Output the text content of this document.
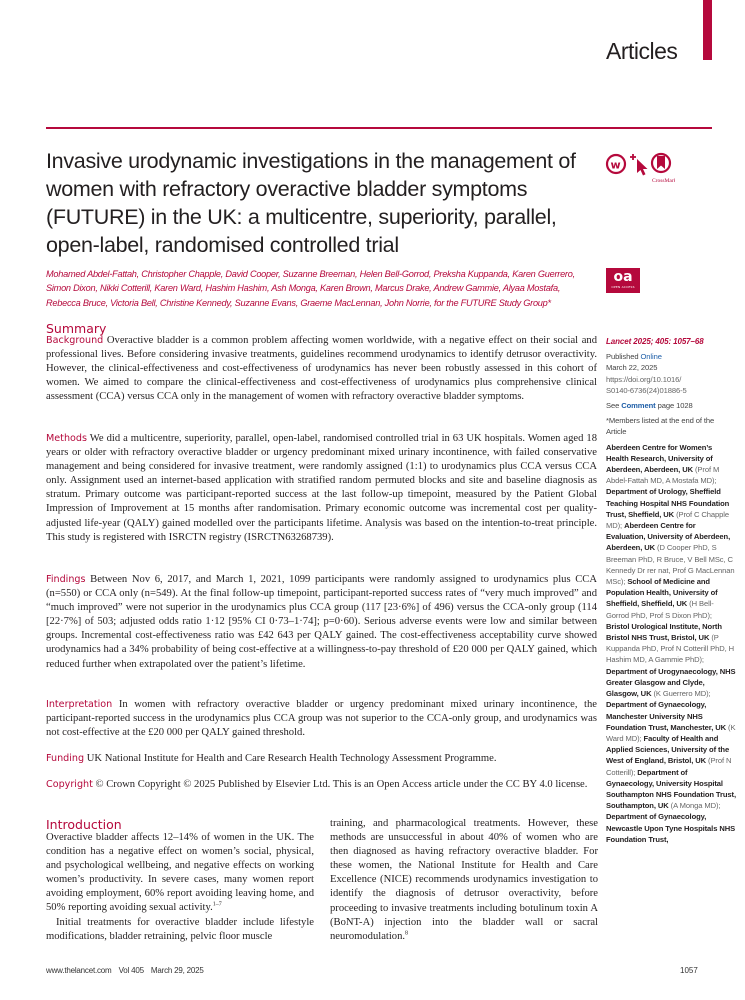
Articles
Invasive urodynamic investigations in the management of women with refractory overactive bladder symptoms (FUTURE) in the UK: a multicentre, superiority, parallel, open-label, randomised controlled trial
w
CrossMark
oa
OPEN ACCESS
Mohamed Abdel-Fattah, Christopher Chapple, David Cooper, Suzanne Breeman, Helen Bell-Gorrod, Preksha Kuppanda, Karen Guerrero, Simon Dixon, Nikki Cotterill, Karen Ward, Hashim Hashim, Ash Monga, Karen Brown, Marcus Drake, Andrew Gammie, Alyaa Mostafa, Rebecca Bruce, Victoria Bell, Christine Kennedy, Suzanne Evans, Graeme MacLennan, John Norrie, for the FUTURE Study Group*
Summary
Background Overactive bladder is a common problem affecting women worldwide, with a negative effect on their social and professional lives. Before considering invasive treatments, guidelines recommend urodynamics to identify detrusor overactivity. However, the clinical-effectiveness and cost-effectiveness of urodynamics has never been robustly assessed in this cohort of women. We aimed to compare the clinical-effectiveness and cost-effectiveness of urodynamics plus comprehensive clinical assessment (CCA) versus CCA only in the management of women with refractory overactive bladder symptoms.
Methods We did a multicentre, superiority, parallel, open-label, randomised controlled trial in 63 UK hospitals. Women aged 18 years or older with refractory overactive bladder or urgency predominant mixed urinary incontinence, with failed conservative management and being considered for invasive treatment, were randomly assigned (1:1) to urodynamics plus CCA versus CCA only. Assignment used an internet-based application with stratified random permuted blocks and site and baseline diagnosis as stratum. Primary outcome was participant-reported success at the last follow-up timepoint, measured by the Patient Global Impression of Improvement at 15 months after randomisation. Primary economic outcome was incremental cost per quality-adjusted life-year (QALY) gained modelled over the participants lifetime. Analysis was based on the intention-to-treat principle. This study is registered with ISRCTN registry (ISRCTN63268739).
Findings Between Nov 6, 2017, and March 1, 2021, 1099 participants were randomly assigned to urodynamics plus CCA (n=550) or CCA only (n=549). At the final follow-up timepoint, participant-reported success rates of “very much improved” and “much improved” were not superior in the urodynamics plus CCA group (117 [23·6%] of 496) versus the CCA-only group (114 [22·7%] of 503; adjusted odds ratio 1·12 [95% CI 0·73–1·74]; p=0·60). Serious adverse events were low and similar between groups. Incremental cost-effectiveness ratio was £42 643 per QALY gained. The cost-effectiveness acceptability curve showed urodynamics had a 34% probability of being cost-effective at a willingness-to-pay threshold of £20 000 per QALY gained, which reduced further when extrapolated over the patient’s lifetime.
Interpretation In women with refractory overactive bladder or urgency predominant mixed urinary incontinence, the participant-reported success in the urodynamics plus CCA group was not superior to the CCA-only group, and urodynamics was not cost-effective at the £20 000 per QALY gained threshold.
Funding UK National Institute for Health and Care Research Health Technology Assessment Programme.
Copyright © Crown Copyright © 2025 Published by Elsevier Ltd. This is an Open Access article under the CC BY 4.0 license.
Introduction

Overactive bladder affects 12–14% of women in the UK. The condition has a negative effect on women’s social, physical, and psychological wellbeing, and negative effects on working women’s productivity. In severe cases, many women report avoiding employment, 60% report avoiding leaving home, and 50% reporting avoiding sexual activity.$^{1-7}$

Initial treatments for overactive bladder include lifestyle modifications, bladder retraining, pelvic floor muscle

training, and pharmacological treatments. However, these methods are unsuccessful in about 40% of women who are then diagnosed as having refractory overactive bladder. For these women, the National Institute for Health and Care Excellence (NICE) recommends urodynamics investigation to identify the diagnosis of detrusor overactivity, before proceeding to invasive treatments including botulinum toxin A (BoNT-A) injection into the bladder wall or sacral neuromodulation.$^8$

Lancet 2025; 405: 1057–68
Published Online
March 22, 2025
https://doi.org/10.1016/
S0140-6736(24)01886-5
See Comment page 1028
*Members listed at the end of the Article
Aberdeen Centre for Women’s Health Research, University of Aberdeen, Aberdeen, UK (Prof M Abdel-Fattah MD, A Mostafa MD); Department of Urology, Sheffield Teaching Hospital NHS Foundation Trust, Sheffield, UK (Prof C Chapple MD); Aberdeen Centre for Evaluation, University of Aberdeen, Aberdeen, UK (D Cooper PhD, S Breeman PhD, R Bruce, V Bell MSc, C Kennedy Dr rer nat, Prof G MacLennan MSc); School of Medicine and Population Health, University of Sheffield, Sheffield, UK (H Bell-Gorrod PhD, Prof S Dixon PhD); Bristol Urological Institute, North Bristol NHS Trust, Bristol, UK (P Kuppanda PhD, Prof N Cotterill PhD, H Hashim MD, A Gammie PhD); Department of Urogynaecology, NHS Greater Glasgow and Clyde, Glasgow, UK (K Guerrero MD); Department of Gynaecology, Manchester University NHS Foundation Trust, Manchester, UK (K Ward MD); Faculty of Health and Applied Sciences, University of the West of England, Bristol, UK (Prof N Cotterill); Department of Gynaecology, University Hospital Southampton NHS Foundation Trust, Southampton, UK (A Monga MD); Department of Gynaecology, Newcastle Upon Tyne Hospitals NHS Foundation Trust,
www.thelancet.com Vol 405 March 29, 2025	1057
